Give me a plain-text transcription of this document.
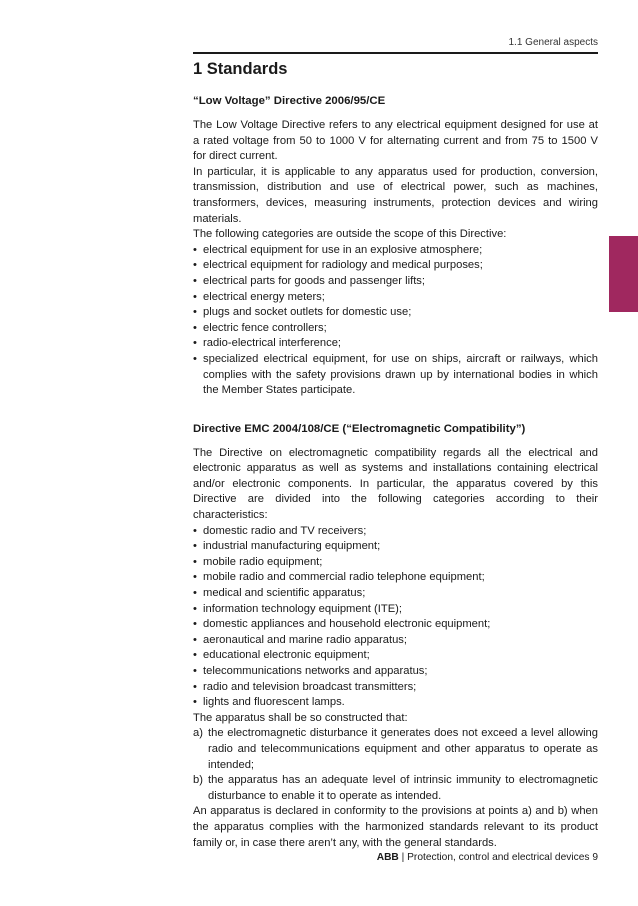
1.1 General aspects
1 Standards
“Low Voltage” Directive 2006/95/CE

The Low Voltage Directive refers to any electrical equipment designed for use at a rated voltage from 50 to 1000 V for alternating current and from 75 to 1500 V for direct current.

In particular, it is applicable to any apparatus used for production, conversion, transmission, distribution and use of electrical power, such as machines, transformers, devices, measuring instruments, protection devices and wiring materials.

The following categories are outside the scope of this Directive:

• electrical equipment for use in an explosive atmosphere;
• electrical equipment for radiology and medical purposes;
• electrical parts for goods and passenger lifts;
• electrical energy meters;
• plugs and socket outlets for domestic use;
• electric fence controllers;
• radio-electrical interference;
• specialized electrical equipment, for use on ships, aircraft or railways, which complies with the safety provisions drawn up by international bodies in which the Member States participate.
Directive EMC 2004/108/CE (“Electromagnetic Compatibility”)

The Directive on electromagnetic compatibility regards all the electrical and electronic apparatus as well as systems and installations containing electrical and/or electronic components. In particular, the apparatus covered by this Directive are divided into the following categories according to their characteristics:

• domestic radio and TV receivers;
• industrial manufacturing equipment;
• mobile radio equipment;
• mobile radio and commercial radio telephone equipment;
• medical and scientific apparatus;
• information technology equipment (ITE);
• domestic appliances and household electronic equipment;
• aeronautical and marine radio apparatus;
• educational electronic equipment;
• telecommunications networks and apparatus;
• radio and television broadcast transmitters;
• lights and fluorescent lamps.

The apparatus shall be so constructed that:

a) the electromagnetic disturbance it generates does not exceed a level allowing radio and telecommunications equipment and other apparatus to operate as intended;
b) the apparatus has an adequate level of intrinsic immunity to electromagnetic disturbance to enable it to operate as intended.

An apparatus is declared in conformity to the provisions at points a) and b) when the apparatus complies with the harmonized standards relevant to its product family or, in case there aren’t any, with the general standards.

ABB | Protection, control and electrical devices 9
